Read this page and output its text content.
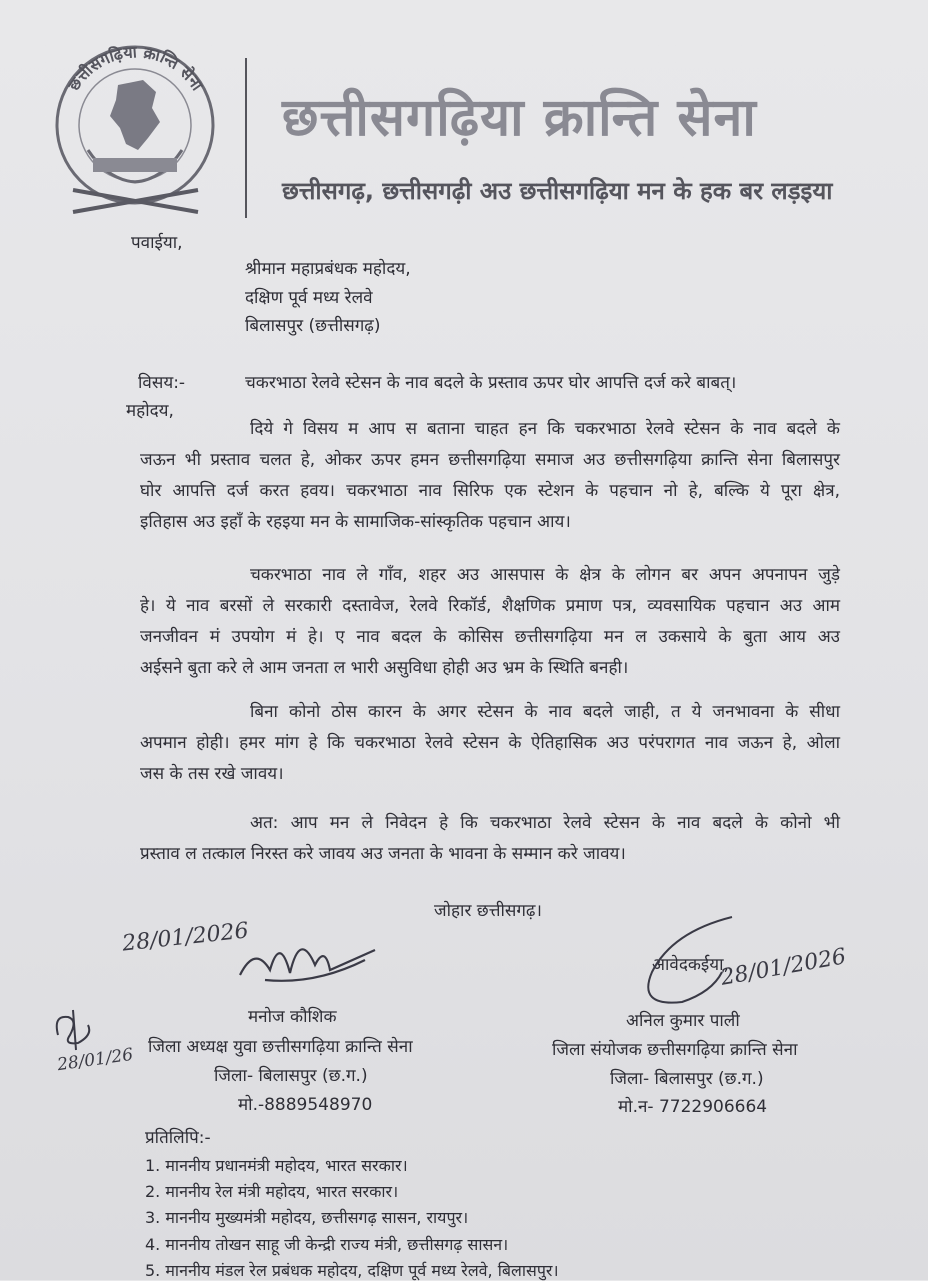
छत्तीसगढ़िया क्रान्ति सेना
छत्तीसगढ़िया क्रान्ति सेना
छत्तीसगढ़, छत्तीसगढ़ी अउ छत्तीसगढ़िया मन के हक बर लड़इया
पवाईया,
श्रीमान महाप्रबंधक महोदय,
दक्षिण पूर्व मध्य रेलवे
बिलासपुर (छत्तीसगढ़)
विसय:-	चकरभाठा रेलवे स्टेसन के नाव बदले के प्रस्ताव ऊपर घोर आपत्ति दर्ज करे बाबत्।
महोदय,
दिये गे विसय म आप स बताना चाहत हन कि चकरभाठा रेलवे स्टेसन के नाव बदले के
जऊन भी प्रस्ताव चलत हे, ओकर ऊपर हमन छत्तीसगढ़िया समाज अउ छत्तीसगढ़िया क्रान्ति सेना बिलासपुर
घोर आपत्ति दर्ज करत हवय। चकरभाठा नाव सिरिफ एक स्टेशन के पहचान नो हे, बल्कि ये पूरा क्षेत्र,
इतिहास अउ इहाँ के रहइया मन के सामाजिक-सांस्कृतिक पहचान आय।
चकरभाठा नाव ले गाँव, शहर अउ आसपास के क्षेत्र के लोगन बर अपन अपनापन जुड़े
हे। ये नाव बरसों ले सरकारी दस्तावेज, रेलवे रिकॉर्ड, शैक्षणिक प्रमाण पत्र, व्यवसायिक पहचान अउ आम
जनजीवन मं उपयोग मं हे। ए नाव बदल के कोसिस छत्तीसगढ़िया मन ल उकसाये के बुता आय अउ
अईसने बुता करे ले आम जनता ल भारी असुविधा होही अउ भ्रम के स्थिति बनही।
बिना कोनो ठोस कारन के अगर स्टेसन के नाव बदले जाही, त ये जनभावना के सीधा
अपमान होही। हमर मांग हे कि चकरभाठा रेलवे स्टेसन के ऐतिहासिक अउ परंपरागत नाव जऊन हे, ओला
जस के तस रखे जावय।
अत: आप मन ले निवेदन हे कि चकरभाठा रेलवे स्टेसन के नाव बदले के कोनो भी
प्रस्ताव ल तत्काल निरस्त करे जावय अउ जनता के भावना के सम्मान करे जावय।
जोहार छत्तीसगढ़।
28/01/2026
मनोज कौशिक
जिला अध्यक्ष युवा छत्तीसगढ़िया क्रान्ति सेना
जिला- बिलासपुर (छ.ग.)
मो.-8889548970
28/01/26
आवेदकर्ईया,
28/01/2026
अनिल कुमार पाली
जिला संयोजक छत्तीसगढ़िया क्रान्ति सेना
जिला- बिलासपुर (छ.ग.)
मो.न- 7722906664
प्रतिलिपि:-
1. माननीय प्रधानमंत्री महोदय, भारत सरकार।
2. माननीय रेल मंत्री महोदय, भारत सरकार।
3. माननीय मुख्यमंत्री महोदय, छत्तीसगढ़ सासन, रायपुर।
4. माननीय तोखन साहू जी केन्द्री राज्य मंत्री, छत्तीसगढ़ सासन।
5. माननीय मंडल रेल प्रबंधक महोदय, दक्षिण पूर्व मध्य रेलवे, बिलासपुर।
